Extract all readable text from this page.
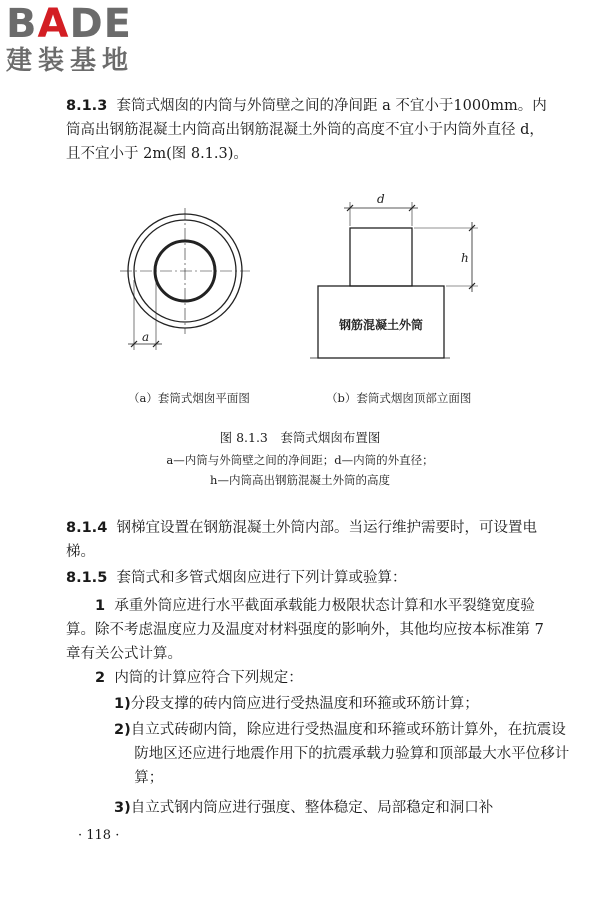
BADE
建装基地
8.1.3 套筒式烟囱的内筒与外筒壁之间的净间距 a 不宜小于1000mm。内筒高出钢筋混凝土内筒高出钢筋混凝土外筒的高度不宜小于内筒外直径 d，且不宜小于 2m(图 8.1.3)。
a
d
h
钢筋混凝土外筒
（a）套筒式烟囱平面图	（b）套筒式烟囱顶部立面图
图 8.1.3　套筒式烟囱布置图
a—内筒与外筒壁之间的净间距；d—内筒的外直径；
h—内筒高出钢筋混凝土外筒的高度
8.1.4 钢梯宜设置在钢筋混凝土外筒内部。当运行维护需要时，可设置电梯。
8.1.5 套筒式和多管式烟囱应进行下列计算或验算：
1 承重外筒应进行水平截面承载能力极限状态计算和水平裂缝宽度验算。除不考虑温度应力及温度对材料强度的影响外，其他均应按本标准第 7 章有关公式计算。
2 内筒的计算应符合下列规定：
1)分段支撑的砖内筒应进行受热温度和环箍或环筋计算；
2)自立式砖砌内筒，除应进行受热温度和环箍或环筋计算外，在抗震设防地区还应进行地震作用下的抗震承载力验算和顶部最大水平位移计算；
3)自立式钢内筒应进行强度、整体稳定、局部稳定和洞口补
· 118 ·
